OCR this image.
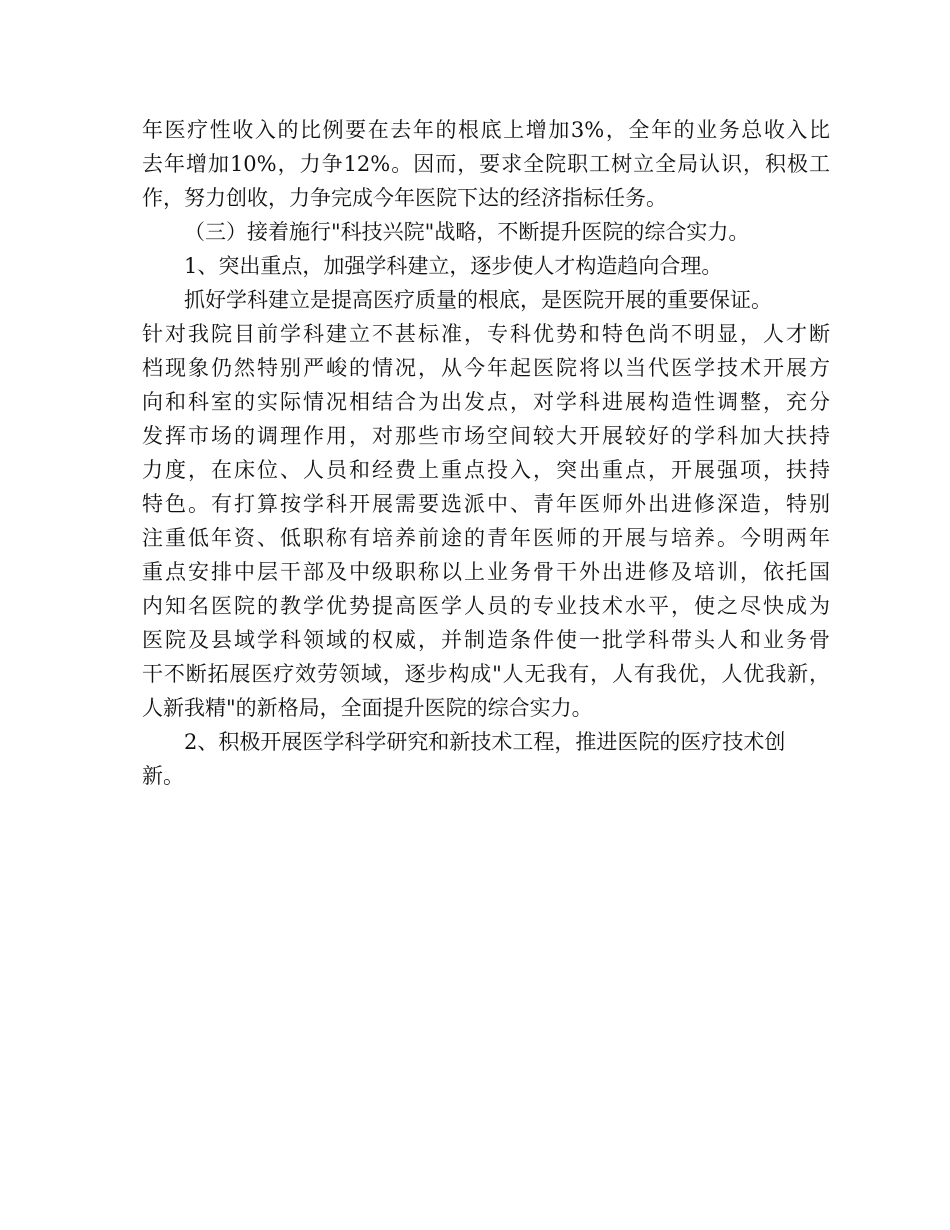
年医疗性收入的比例要在去年的根底上增加3%，全年的业务总收入比
去年增加10%，力争12%。因而，要求全院职工树立全局认识，积极工
作，努力创收，力争完成今年医院下达的经济指标任务。
（三）接着施行"科技兴院"战略，不断提升医院的综合实力。
1、突出重点，加强学科建立，逐步使人才构造趋向合理。
抓好学科建立是提高医疗质量的根底，是医院开展的重要保证。
针对我院目前学科建立不甚标准，专科优势和特色尚不明显，人才断
档现象仍然特别严峻的情况，从今年起医院将以当代医学技术开展方
向和科室的实际情况相结合为出发点，对学科进展构造性调整，充分
发挥市场的调理作用，对那些市场空间较大开展较好的学科加大扶持
力度，在床位、人员和经费上重点投入，突出重点，开展强项，扶持
特色。有打算按学科开展需要选派中、青年医师外出进修深造，特别
注重低年资、低职称有培养前途的青年医师的开展与培养。今明两年
重点安排中层干部及中级职称以上业务骨干外出进修及培训，依托国
内知名医院的教学优势提高医学人员的专业技术水平，使之尽快成为
医院及县域学科领域的权威，并制造条件使一批学科带头人和业务骨
干不断拓展医疗效劳领域，逐步构成"人无我有，人有我优，人优我新，
人新我精"的新格局，全面提升医院的综合实力。
2、积极开展医学科学研究和新技术工程，推进医院的医疗技术创
新。
